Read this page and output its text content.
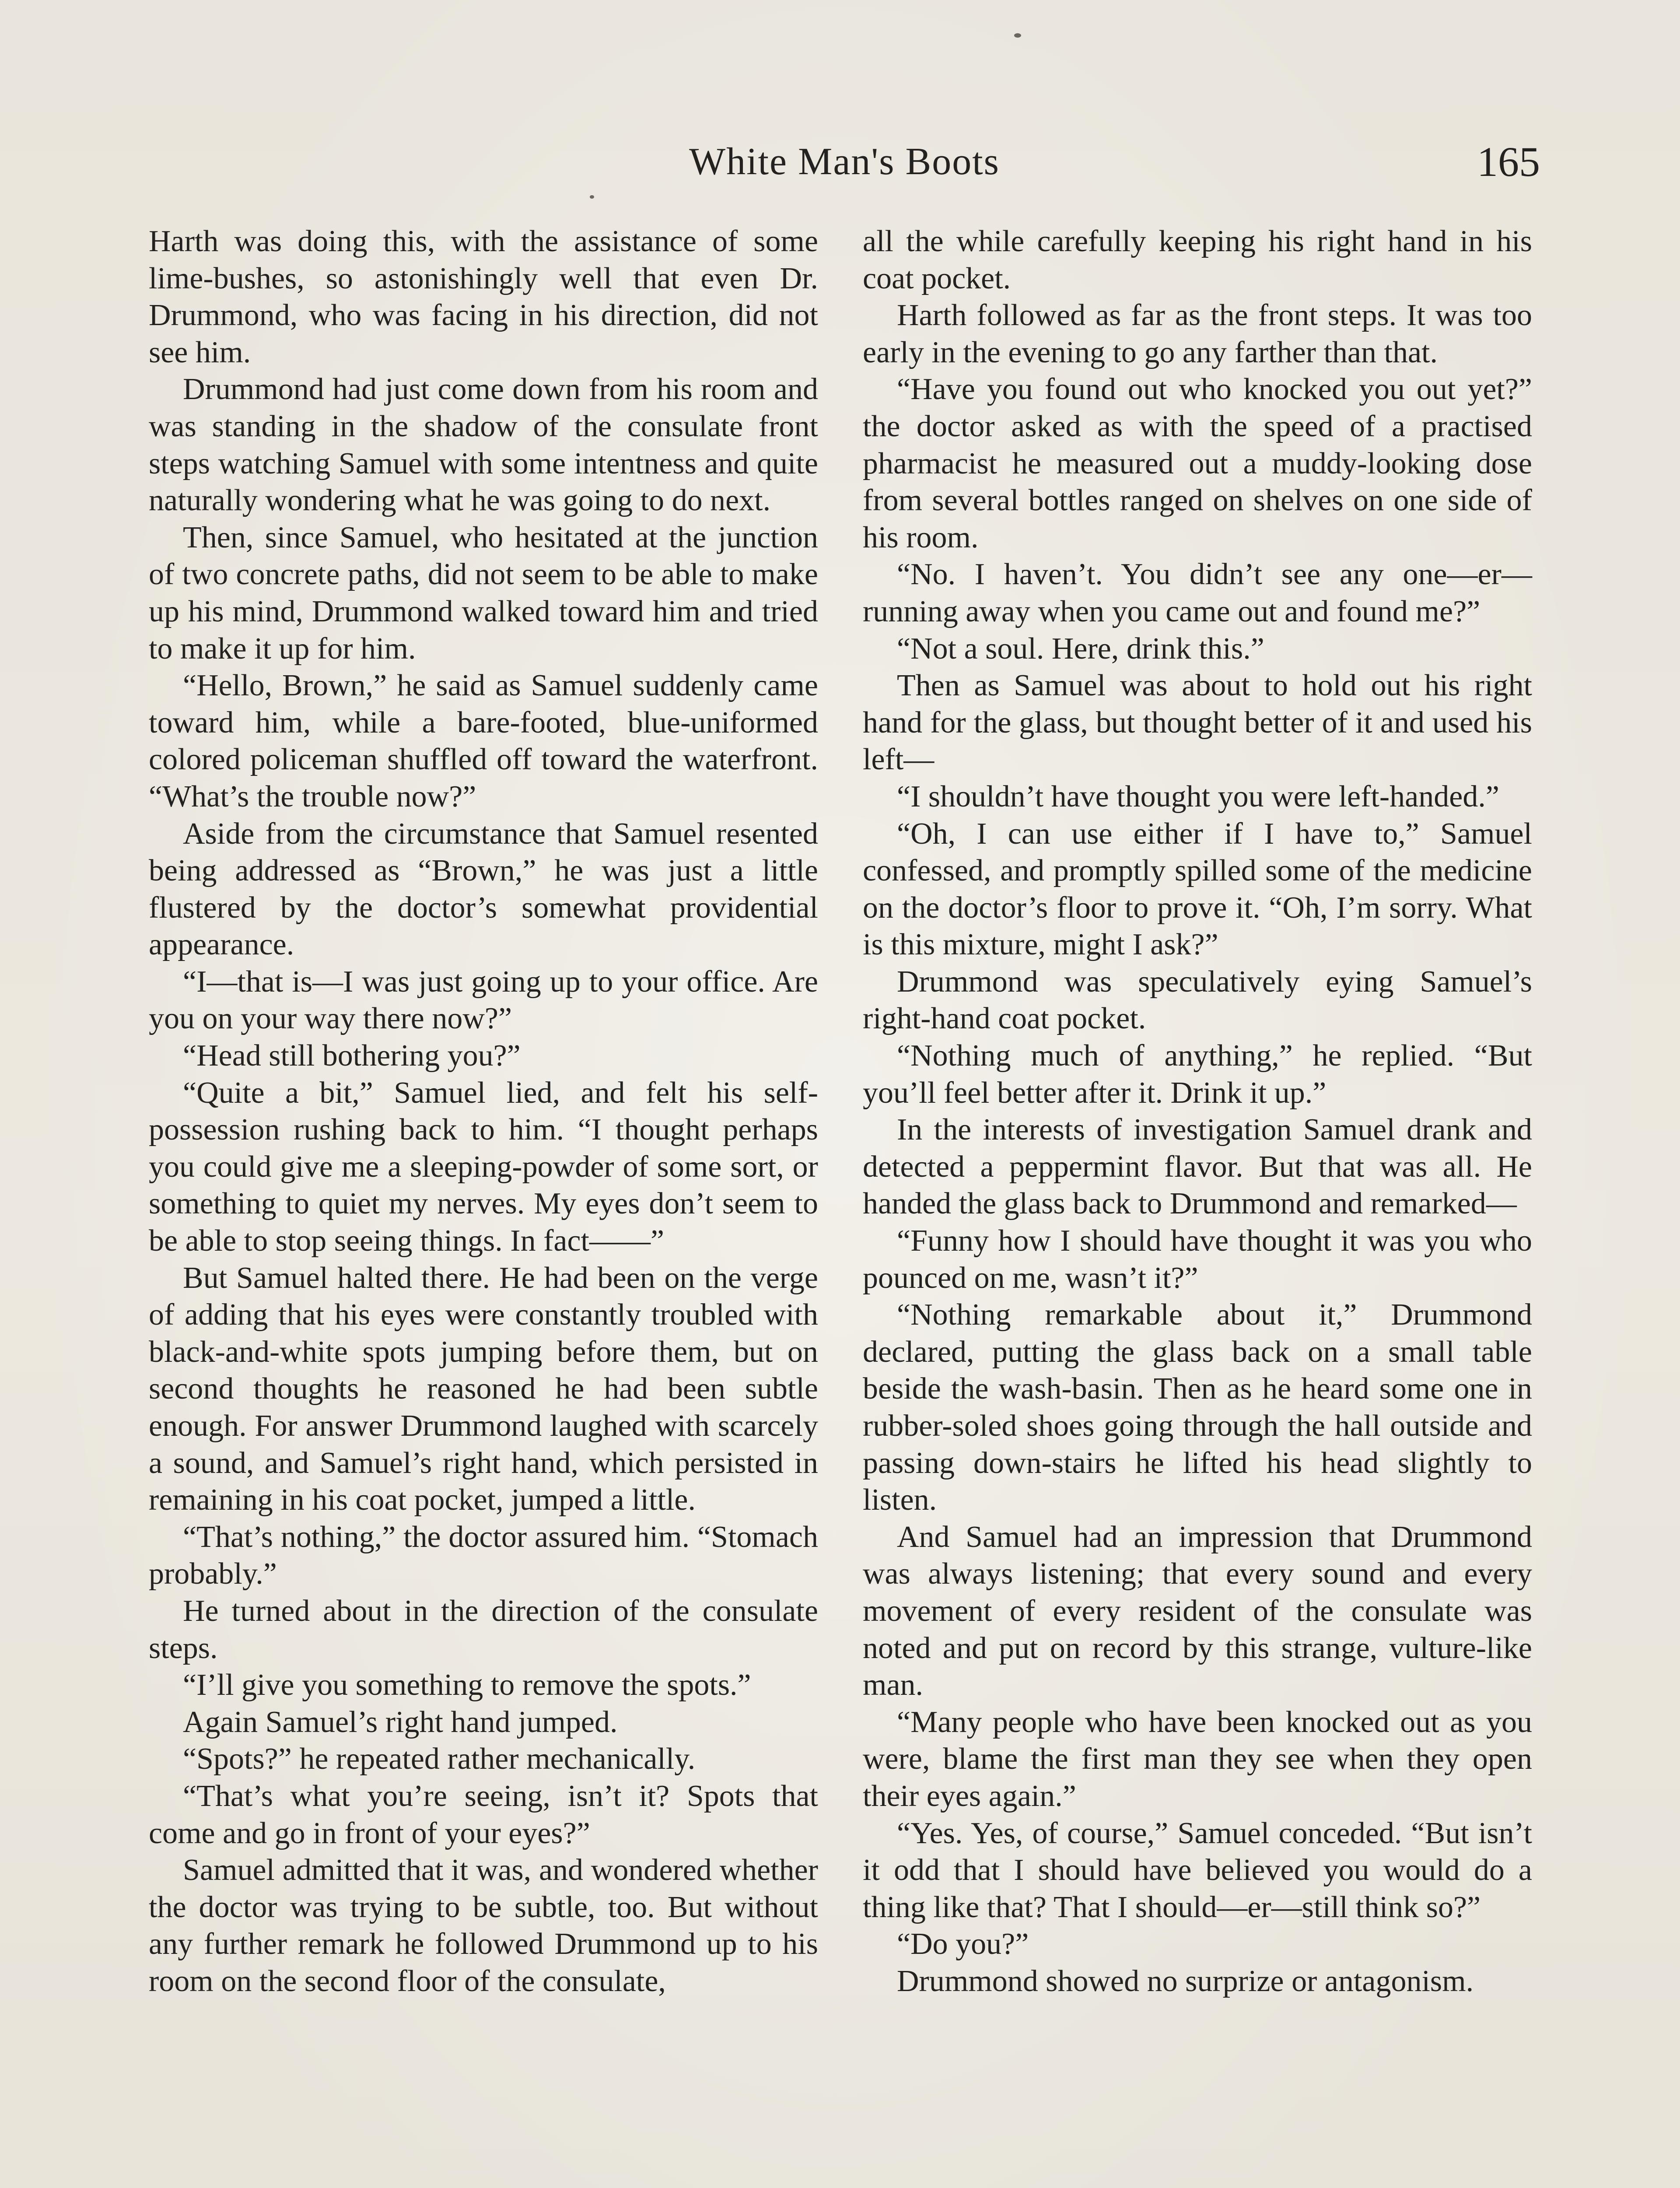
White Man's Boots	165

Harth was doing this, with the assistance of some lime-bushes, so astonishingly well that even Dr. Drummond, who was facing in his direction, did not see him.

Drummond had just come down from his room and was standing in the shadow of the consulate front steps watching Samuel with some intentness and quite naturally wondering what he was going to do next.

Then, since Samuel, who hesitated at the junction of two concrete paths, did not seem to be able to make up his mind, Drummond walked toward him and tried to make it up for him.

“Hello, Brown,” he said as Samuel suddenly came toward him, while a bare-footed, blue-uniformed colored policeman shuffled off toward the waterfront. “What’s the trouble now?”

Aside from the circumstance that Samuel resented being addressed as “Brown,” he was just a little flustered by the doctor’s somewhat providential appearance.

“I—that is—I was just going up to your office. Are you on your way there now?”

“Head still bothering you?”

“Quite a bit,” Samuel lied, and felt his self-possession rushing back to him. “I thought perhaps you could give me a sleeping-powder of some sort, or something to quiet my nerves. My eyes don’t seem to be able to stop seeing things. In fact——”

But Samuel halted there. He had been on the verge of adding that his eyes were constantly troubled with black-and-white spots jumping before them, but on second thoughts he reasoned he had been subtle enough. For answer Drummond laughed with scarcely a sound, and Samuel’s right hand, which persisted in remaining in his coat pocket, jumped a little.

“That’s nothing,” the doctor assured him. “Stomach probably.”

He turned about in the direction of the consulate steps.

“I’ll give you something to remove the spots.”

Again Samuel’s right hand jumped.

“Spots?” he repeated rather mechanically.

“That’s what you’re seeing, isn’t it? Spots that come and go in front of your eyes?”

Samuel admitted that it was, and wondered whether the doctor was trying to be subtle, too. But without any further remark he followed Drummond up to his room on the second floor of the consulate,

all the while carefully keeping his right hand in his coat pocket.

Harth followed as far as the front steps. It was too early in the evening to go any farther than that.

“Have you found out who knocked you out yet?” the doctor asked as with the speed of a practised pharmacist he measured out a muddy-looking dose from several bottles ranged on shelves on one side of his room.

“No. I haven’t. You didn’t see any one—er—running away when you came out and found me?”

“Not a soul. Here, drink this.”

Then as Samuel was about to hold out his right hand for the glass, but thought better of it and used his left—

“I shouldn’t have thought you were left-handed.”

“Oh, I can use either if I have to,” Samuel confessed, and promptly spilled some of the medicine on the doctor’s floor to prove it. “Oh, I’m sorry. What is this mixture, might I ask?”

Drummond was speculatively eying Samuel’s right-hand coat pocket.

“Nothing much of anything,” he replied. “But you’ll feel better after it. Drink it up.”

In the interests of investigation Samuel drank and detected a peppermint flavor. But that was all. He handed the glass back to Drummond and remarked—

“Funny how I should have thought it was you who pounced on me, wasn’t it?”

“Nothing remarkable about it,” Drummond declared, putting the glass back on a small table beside the wash-basin. Then as he heard some one in rubber-soled shoes going through the hall outside and passing down-stairs he lifted his head slightly to listen.

And Samuel had an impression that Drummond was always listening; that every sound and every movement of every resident of the consulate was noted and put on record by this strange, vulture-like man.

“Many people who have been knocked out as you were, blame the first man they see when they open their eyes again.”

“Yes. Yes, of course,” Samuel conceded. “But isn’t it odd that I should have believed you would do a thing like that? That I should—er—still think so?”

“Do you?”

Drummond showed no surprize or antagonism.
